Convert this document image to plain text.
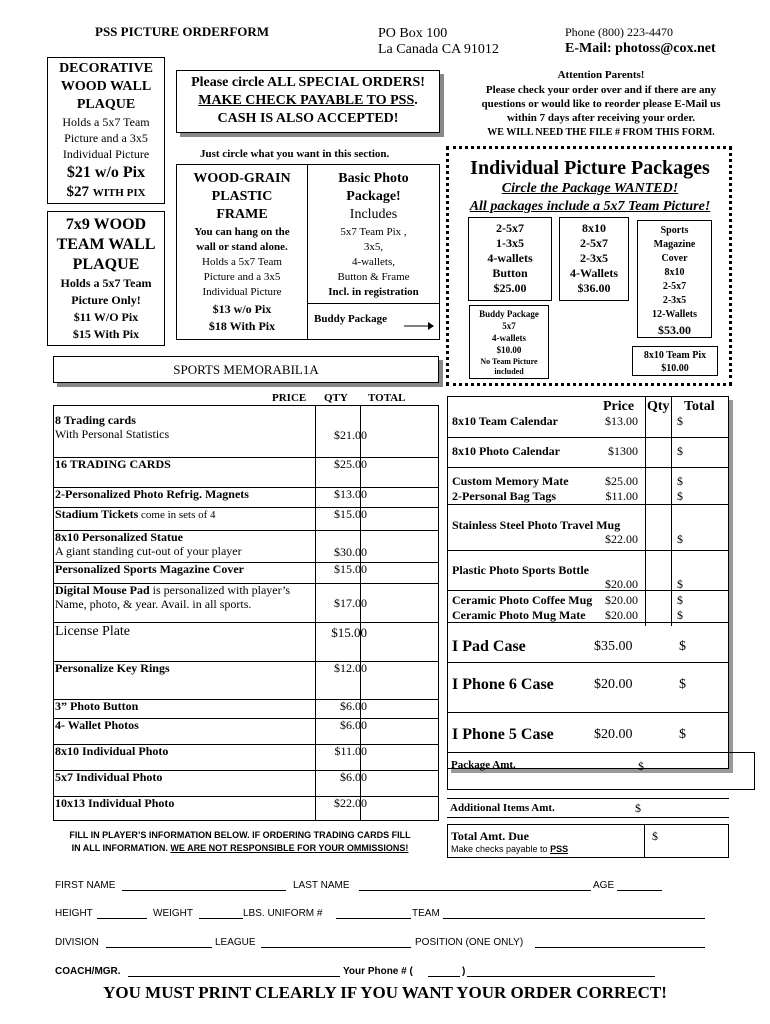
PSS PICTURE ORDERFORM	PO Box 100
La Canada CA 91012
Phone (800) 223-4470
E-Mail: photoss@cox.net
DECORATIVE
WOOD WALL
PLAQUE
Holds a 5x7 Team
Picture and a 3x5
Individual Picture
$21 w/o Pix
$27 WITH PIX
7x9 WOOD
TEAM WALL
PLAQUE
Holds a 5x7 Team
Picture Only!
$11 W/O Pix
$15 With Pix
Please circle ALL SPECIAL ORDERS!
MAKE CHECK PAYABLE TO PSS.
CASH IS ALSO ACCEPTED!
Just circle what you want in this section.
WOOD-GRAIN
PLASTIC
FRAME
You can hang on the
wall or stand alone.
Holds a 5x7 Team
Picture and a 3x5
Individual Picture
$13 w/o Pix
$18 With Pix
Basic Photo
Package!
Includes
5x7 Team Pix ,
3x5,
4-wallets,
Button & Frame
Incl. in registration
Buddy Package
Attention Parents!
Please check your order over and if there are any
questions or would like to reorder please E-Mail us
within 7 days after receiving your order.
WE WILL NEED THE FILE # FROM THIS FORM.
Individual Picture Packages
Circle the Package WANTED!
All packages include a 5x7 Team Picture!
2-5x7
1-3x5
4-wallets
Button
$25.00
8x10
2-5x7
2-3x5
4-Wallets
$36.00
Sports
Magazine
Cover
8x10
2-5x7
2-3x5
12-Wallets
$53.00
Buddy Package
5x7
4-wallets
$10.00
No Team Picture
included
8x10 Team Pix
$10.00
SPORTS MEMORABIL1A
PRICE QTY TOTAL
8 Trading cards
With Personal Statistics	$21.00
16 TRADING CARDS	$25.00
2-Personalized Photo Refrig. Magnets	$13.00
Stadium Tickets come in sets of 4	$15.00
8x10 Personalized Statue
A giant standing cut-out of your player	$30.00
Personalized Sports Magazine Cover	$15.00
Digital Mouse Pad is personalized with player’s
Name, photo, & year. Avail. in all sports.	$17.00
License Plate	$15.00
Personalize Key Rings	$12.00
3” Photo Button	$6.00
4- Wallet Photos	$6.00
8x10 Individual Photo	$11.00
5x7 Individual Photo	$6.00
10x13 Individual Photo	$22.00
Price Qty Total
8x10 Team Calendar	$13.00	$
8x10 Photo Calendar	$1300	$
Custom Memory Mate	$25.00	$
2-Personal Bag Tags	$11.00	$
Stainless Steel Photo Travel Mug
$22.00	$
Plastic Photo Sports Bottle
$20.00	$
Ceramic Photo Coffee Mug $20.00	$
Ceramic Photo Mug Mate $20.00	$
I Pad Case	$35.00	$
I Phone 6 Case	$20.00	$
I Phone 5 Case	$20.00	$
Package Amt.	$
Additional Items Amt.	$
Total Amt. Due	$
Make checks payable to PSS
FILL IN PLAYER’S INFORMATION BELOW. IF ORDERING TRADING CARDS FILL
IN ALL INFORMATION. WE ARE NOT RESPONSIBLE FOR YOUR OMMISSIONS!
FIRST NAME	LAST NAME	AGE
HEIGHT	WEIGHT	LBS. UNIFORM #	TEAM
DIVISION	LEAGUE	POSITION (ONE ONLY)
COACH/MGR.	Your Phone # (	)
YOU MUST PRINT CLEARLY IF YOU WANT YOUR ORDER CORRECT!
